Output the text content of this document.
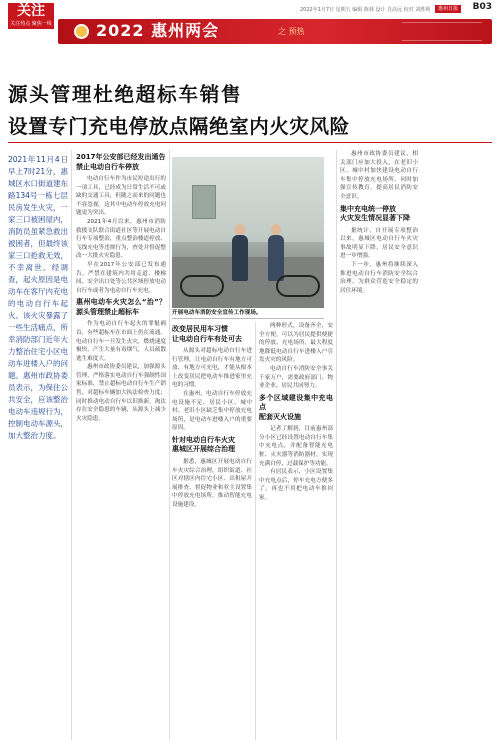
关注
关注热点 聚焦一线
2022年1月7日 星期五 编辑 陈林 设计 肖高远 校对 刘胜利	惠州日报	B03
2022 惠州两会	之 预热
源头管理杜绝超标车销售
设置专门充电停放点隔绝室内火灾风险
2021年11月4日早上7时21分，惠城区水口街道建东路134号一栋七层民房发生火灾，一家三口被困屋内，消防员虽紧急救出被困者，但最终该家三口抢救无效，不幸离世。经调查，起火原因是电动车在客厅内充电的电动自行车起火。该火灾暴露了一些生活痛点，所幸消防部门近年大力整治住宅小区电动车进楼入户的问题。惠州市政协委员表示，为保住公共安全，应该整治电动车违规行为，控制电动车源头，加大整治力度。
2017年公安部已经发出通告
禁止电动自行车停放

电动自行车作为市民短途出行的一项工具，已经成为日常生活不可或缺的交通工具，但随之而来的问题也不容忽视。这其中电动车停放充电问题更为突出。

2021年4月以来，惠州市消防救援支队联合街道社区等开展电动自行车专项整治，重点整治楼道停放、飞线充电等违规行为，查处并督促整改一大批火灾隐患。

早在2017年公安部已发布通告，严禁在建筑内共用走道、楼梯间、安全出口处等公共区域停放电动自行车或者为电动自行车充电。

惠州电动车火灾怎么“治”？源头管理禁止超标车

作为电动自行车起火的罪魁祸首，有些超标车在市面上仍在流通。电动自行车一旦发生火灾，燃烧速度极快，产生大量有毒烟气，人员疏散逃生难度大。

惠州市政协委员建议，加强源头管理，严格落实电动自行车强制性国家标准，禁止超标电动自行车生产销售，对超标车辆加大执法检查力度；同时推动电动自行车以旧换新，淘汰存在安全隐患的车辆，从源头上减少火灾隐患。

开展电动车消防安全宣传工作现场。
改变居民用车习惯
让电动自行车有处可去

从源头对超标电动自行车进行管理，让电动自行车有地方可放、有地方可充电，才能从根本上改变居民把电动车推进家里充电的习惯。

在惠州，电动自行车停放充电设施不足，居民小区、城中村、老旧小区缺乏集中停放充电场所，是电动车进楼入户的重要原因。

针对电动自行车火灾
惠城区开展综合治理

据悉，惠城区开展电动自行车火灾综合治理，组织街道、社区对辖区内住宅小区、出租屋开展排查，督促物业和业主设置集中停放充电场所，推动智能充电设施建设。

两种形式，设备齐全，安全方便，可以为居民提供便捷的停放、充电场所，最大程度地降低电动自行车进楼入户引发火灾的风险。

电动自行车消防安全事关千家万户，需要政府部门、物业企业、居民共同努力。

多个区域建设集中充电点
配套灭火设施

记者了解到，目前惠州部分小区已经设置电动自行车集中充电点，并配备智能充电桩、灭火器等消防器材，实现充满自停、过载保护等功能。

有居民表示，小区设置集中充电点后，停车充电方便多了，再也不用把电动车推回家。

惠州市政协委员建议，相关部门应加大投入，在老旧小区、城中村加快建设电动自行车集中停放充电场所，同时加强宣传教育，提高居民消防安全意识。

集中充电统一停放
火灾发生情况显著下降

据统计，自开展专项整治以来，惠城区电动自行车火灾事故明显下降，居民安全意识进一步增强。

下一步，惠州将继续深入推进电动自行车消防安全综合治理，为群众营造安全稳定的居住环境。
